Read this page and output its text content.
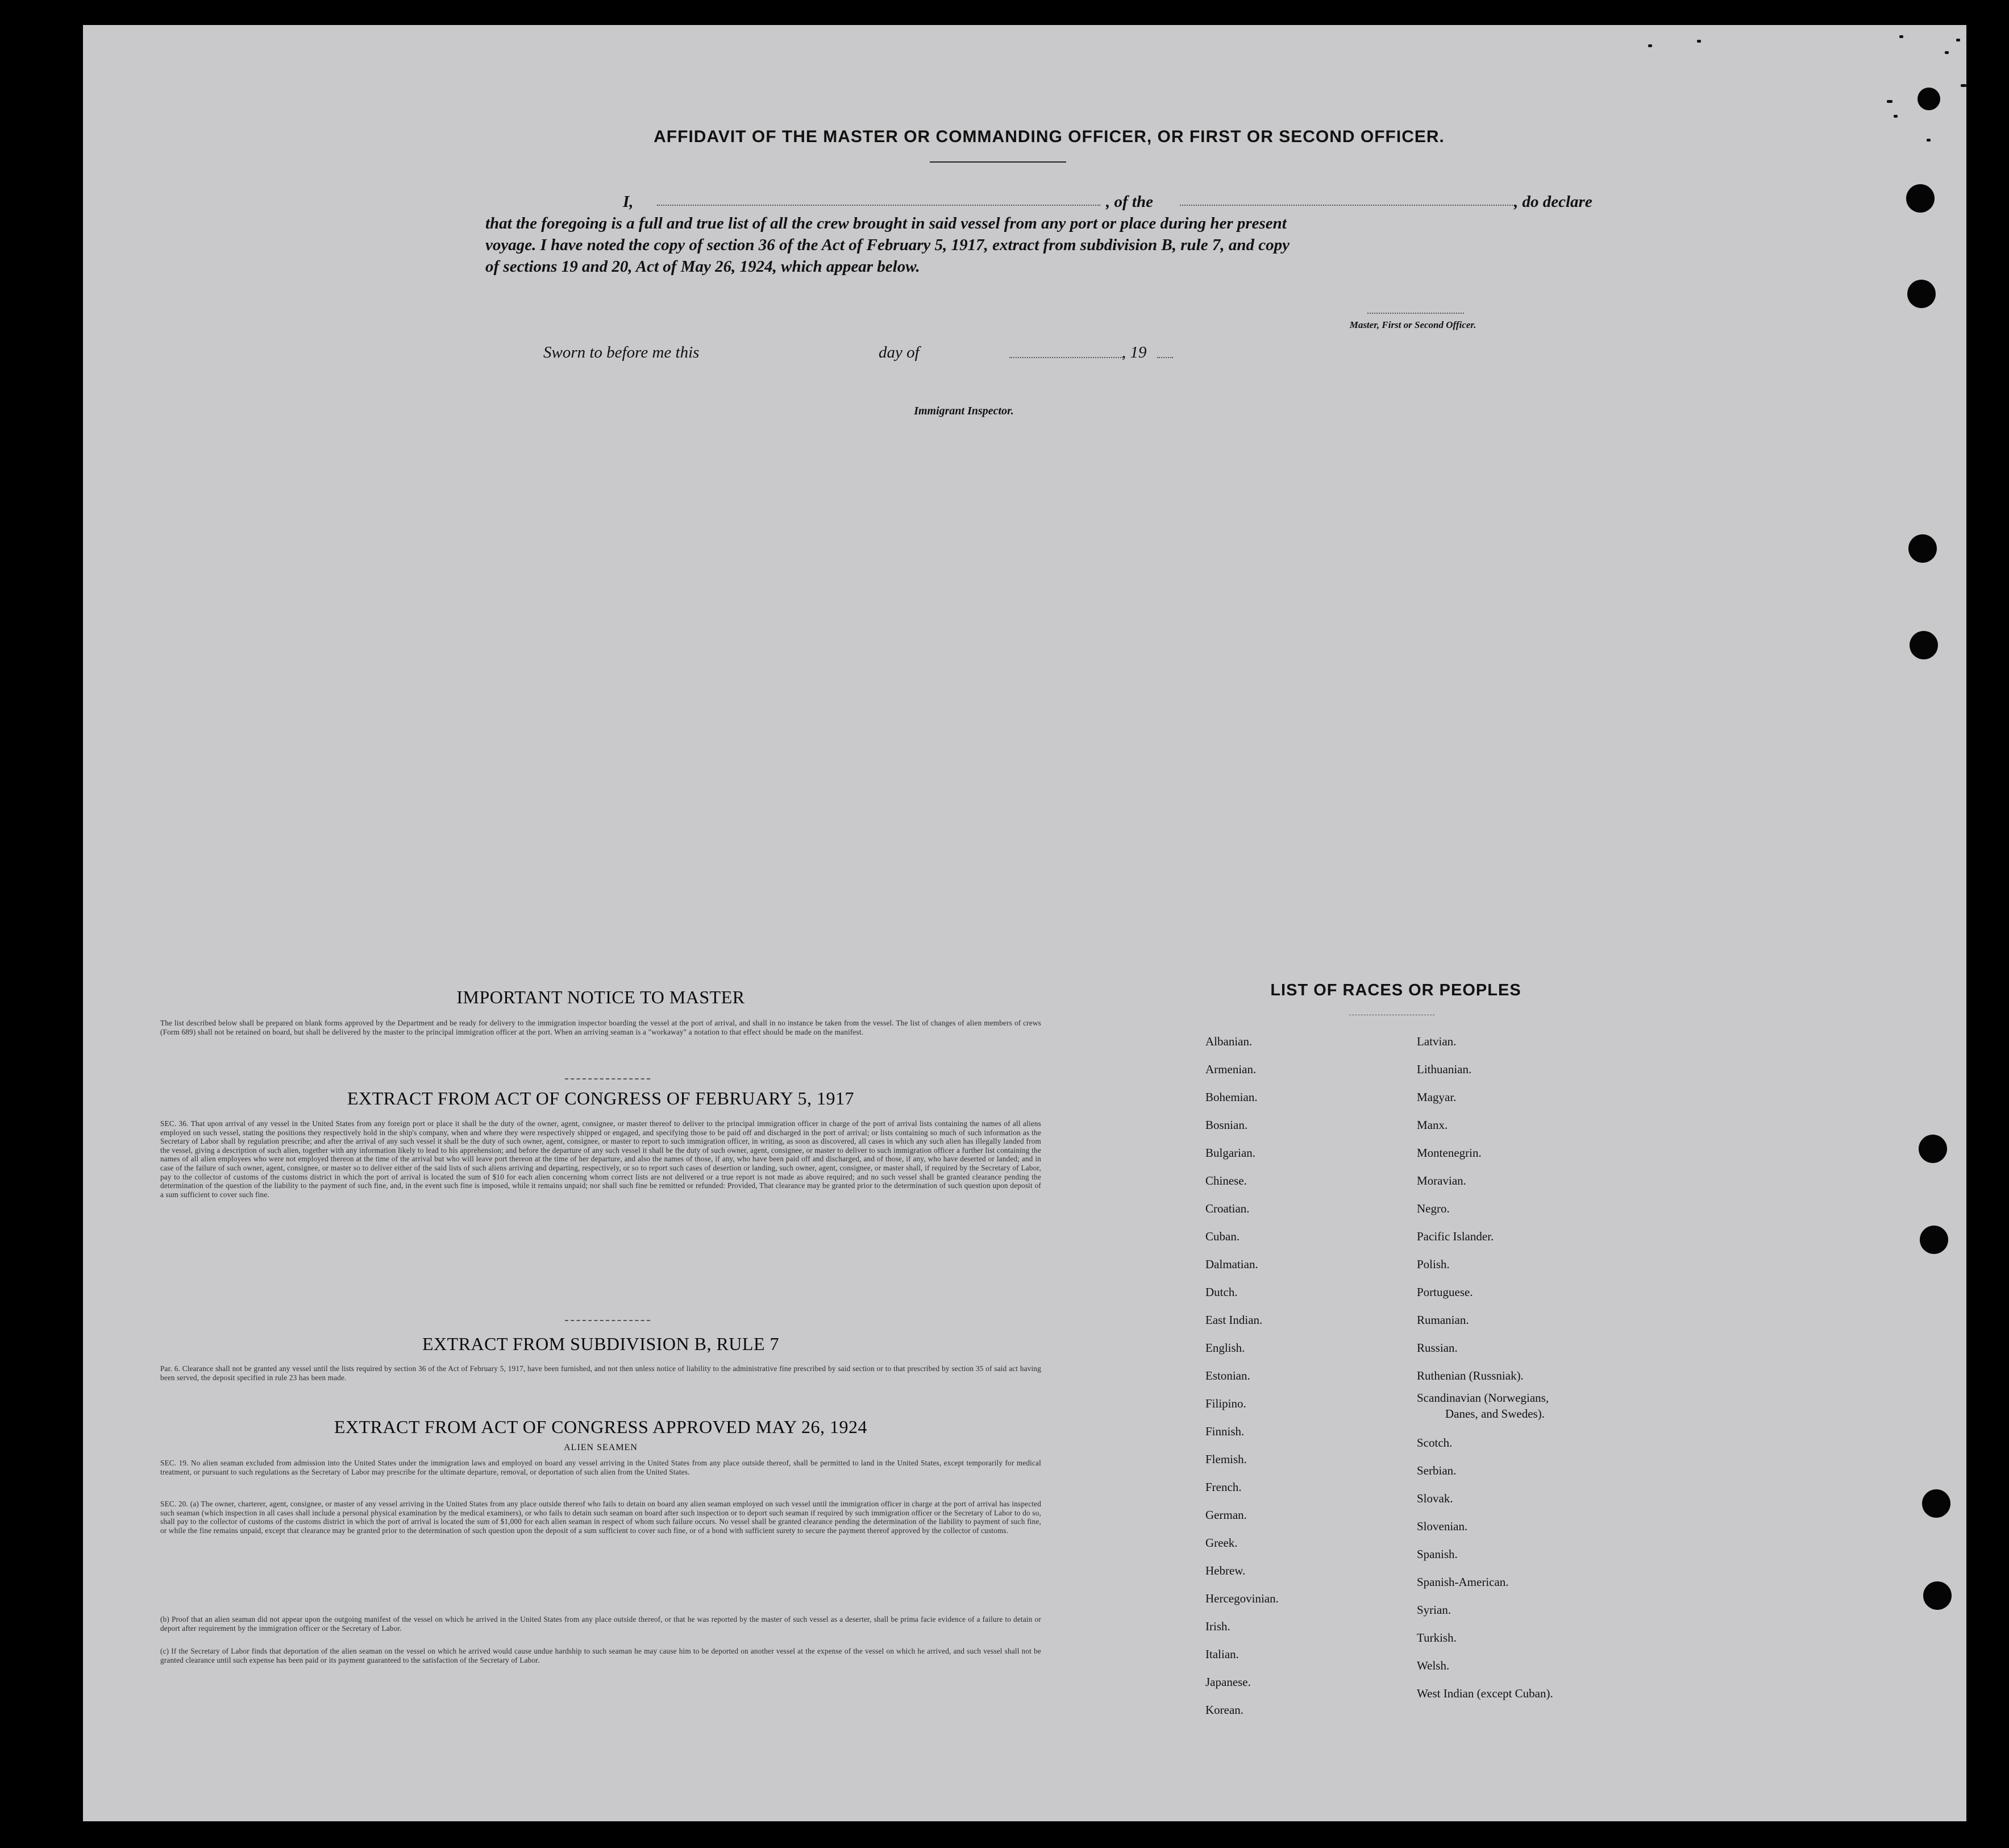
AFFIDAVIT OF THE MASTER OR COMMANDING OFFICER, OR FIRST OR SECOND OFFICER.
I,	, of the	, do declare
that the foregoing is a full and true list of all the crew brought in said vessel from any port or place during her present
voyage. I have noted the copy of section 36 of the Act of February 5, 1917, extract from subdivision B, rule 7, and copy
of sections 19 and 20, Act of May 26, 1924, which appear below.
Master, First or Second Officer.
Sworn to before me this	day of	, 19
Immigrant Inspector.
IMPORTANT NOTICE TO MASTER
The list described below shall be prepared on blank forms approved by the Department and be ready for delivery to the immigration inspector boarding the vessel at the port of arrival, and shall in no instance be taken from the vessel. The list of changes of alien members of crews (Form 689) shall not be retained on board, but shall be delivered by the master to the principal immigration officer at the port. When an arriving seaman is a "workaway" a notation to that effect should be made on the manifest.
EXTRACT FROM ACT OF CONGRESS OF FEBRUARY 5, 1917
SEC. 36. That upon arrival of any vessel in the United States from any foreign port or place it shall be the duty of the owner, agent, consignee, or master thereof to deliver to the principal immigration officer in charge of the port of arrival lists containing the names of all aliens employed on such vessel, stating the positions they respectively hold in the ship's company, when and where they were respectively shipped or engaged, and specifying those to be paid off and discharged in the port of arrival; or lists containing so much of such information as the Secretary of Labor shall by regulation prescribe; and after the arrival of any such vessel it shall be the duty of such owner, agent, consignee, or master to report to such immigration officer, in writing, as soon as discovered, all cases in which any such alien has illegally landed from the vessel, giving a description of such alien, together with any information likely to lead to his apprehension; and before the departure of any such vessel it shall be the duty of such owner, agent, consignee, or master to deliver to such immigration officer a further list containing the names of all alien employees who were not employed thereon at the time of the arrival but who will leave port thereon at the time of her departure, and also the names of those, if any, who have been paid off and discharged, and of those, if any, who have deserted or landed; and in case of the failure of such owner, agent, consignee, or master so to deliver either of the said lists of such aliens arriving and departing, respectively, or so to report such cases of desertion or landing, such owner, agent, consignee, or master shall, if required by the Secretary of Labor, pay to the collector of customs of the customs district in which the port of arrival is located the sum of $10 for each alien concerning whom correct lists are not delivered or a true report is not made as above required; and no such vessel shall be granted clearance pending the determination of the question of the liability to the payment of such fine, and, in the event such fine is imposed, while it remains unpaid; nor shall such fine be remitted or refunded: Provided, That clearance may be granted prior to the determination of such question upon deposit of a sum sufficient to cover such fine.
EXTRACT FROM SUBDIVISION B, RULE 7
Par. 6. Clearance shall not be granted any vessel until the lists required by section 36 of the Act of February 5, 1917, have been furnished, and not then unless notice of liability to the administrative fine prescribed by said section or to that prescribed by section 35 of said act having been served, the deposit specified in rule 23 has been made.
EXTRACT FROM ACT OF CONGRESS APPROVED MAY 26, 1924
ALIEN SEAMEN
SEC. 19. No alien seaman excluded from admission into the United States under the immigration laws and employed on board any vessel arriving in the United States from any place outside thereof, shall be permitted to land in the United States, except temporarily for medical treatment, or pursuant to such regulations as the Secretary of Labor may prescribe for the ultimate departure, removal, or deportation of such alien from the United States.
SEC. 20. (a) The owner, charterer, agent, consignee, or master of any vessel arriving in the United States from any place outside thereof who fails to detain on board any alien seaman employed on such vessel until the immigration officer in charge at the port of arrival has inspected such seaman (which inspection in all cases shall include a personal physical examination by the medical examiners), or who fails to detain such seaman on board after such inspection or to deport such seaman if required by such immigration officer or the Secretary of Labor to do so, shall pay to the collector of customs of the customs district in which the port of arrival is located the sum of $1,000 for each alien seaman in respect of whom such failure occurs. No vessel shall be granted clearance pending the determination of the liability to payment of such fine, or while the fine remains unpaid, except that clearance may be granted prior to the determination of such question upon the deposit of a sum sufficient to cover such fine, or of a bond with sufficient surety to secure the payment thereof approved by the collector of customs.
(b) Proof that an alien seaman did not appear upon the outgoing manifest of the vessel on which he arrived in the United States from any place outside thereof, or that he was reported by the master of such vessel as a deserter, shall be prima facie evidence of a failure to detain or deport after requirement by the immigration officer or the Secretary of Labor.
(c) If the Secretary of Labor finds that deportation of the alien seaman on the vessel on which he arrived would cause undue hardship to such seaman he may cause him to be deported on another vessel at the expense of the vessel on which he arrived, and such vessel shall not be granted clearance until such expense has been paid or its payment guaranteed to the satisfaction of the Secretary of Labor.
LIST OF RACES OR PEOPLES
Albanian.
Armenian.
Bohemian.
Bosnian.
Bulgarian.
Chinese.
Croatian.
Cuban.
Dalmatian.
Dutch.
East Indian.
English.
Estonian.
Filipino.
Finnish.
Flemish.
French.
German.
Greek.
Hebrew.
Hercegovinian.
Irish.
Italian.
Japanese.
Korean.
Latvian.
Lithuanian.
Magyar.
Manx.
Montenegrin.
Moravian.
Negro.
Pacific Islander.
Polish.
Portuguese.
Rumanian.
Russian.
Ruthenian (Russniak).
Scandinavian (Norwegians,
Danes, and Swedes).
Scotch.
Serbian.
Slovak.
Slovenian.
Spanish.
Spanish-American.
Syrian.
Turkish.
Welsh.
West Indian (except Cuban).
